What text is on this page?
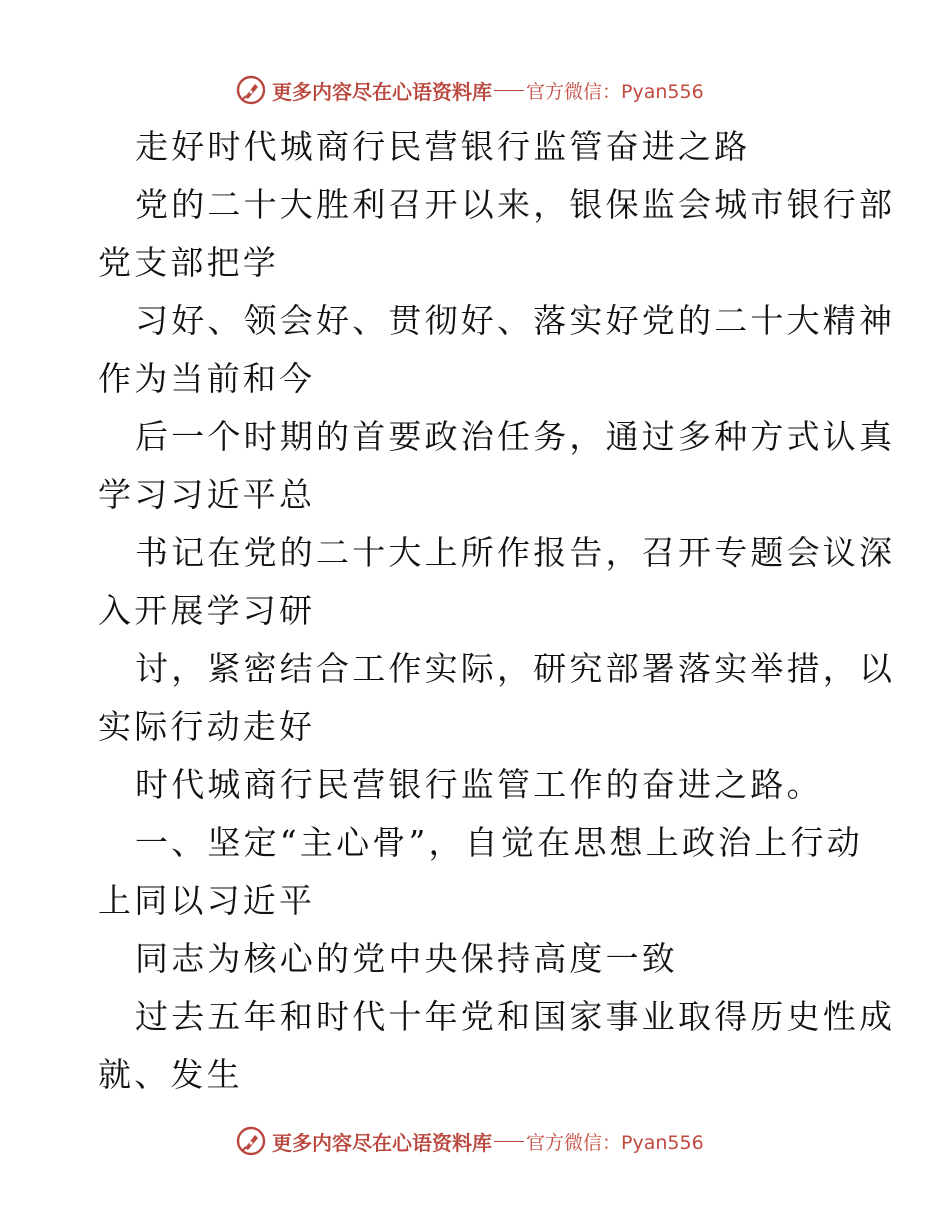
更多内容尽在心语资料库 官方微信：Pyan556
走好时代城商行民营银行监管奋进之路
党的二十大胜利召开以来，银保监会城市银行部
党支部把学
习好、领会好、贯彻好、落实好党的二十大精神
作为当前和今
后一个时期的首要政治任务，通过多种方式认真
学习习近平总
书记在党的二十大上所作报告，召开专题会议深
入开展学习研
讨，紧密结合工作实际，研究部署落实举措，以
实际行动走好
时代城商行民营银行监管工作的奋进之路。
一、坚定“主心骨”，自觉在思想上政治上行动
上同以习近平
同志为核心的党中央保持高度一致
过去五年和时代十年党和国家事业取得历史性成
就、发生
更多内容尽在心语资料库 官方微信：Pyan556
